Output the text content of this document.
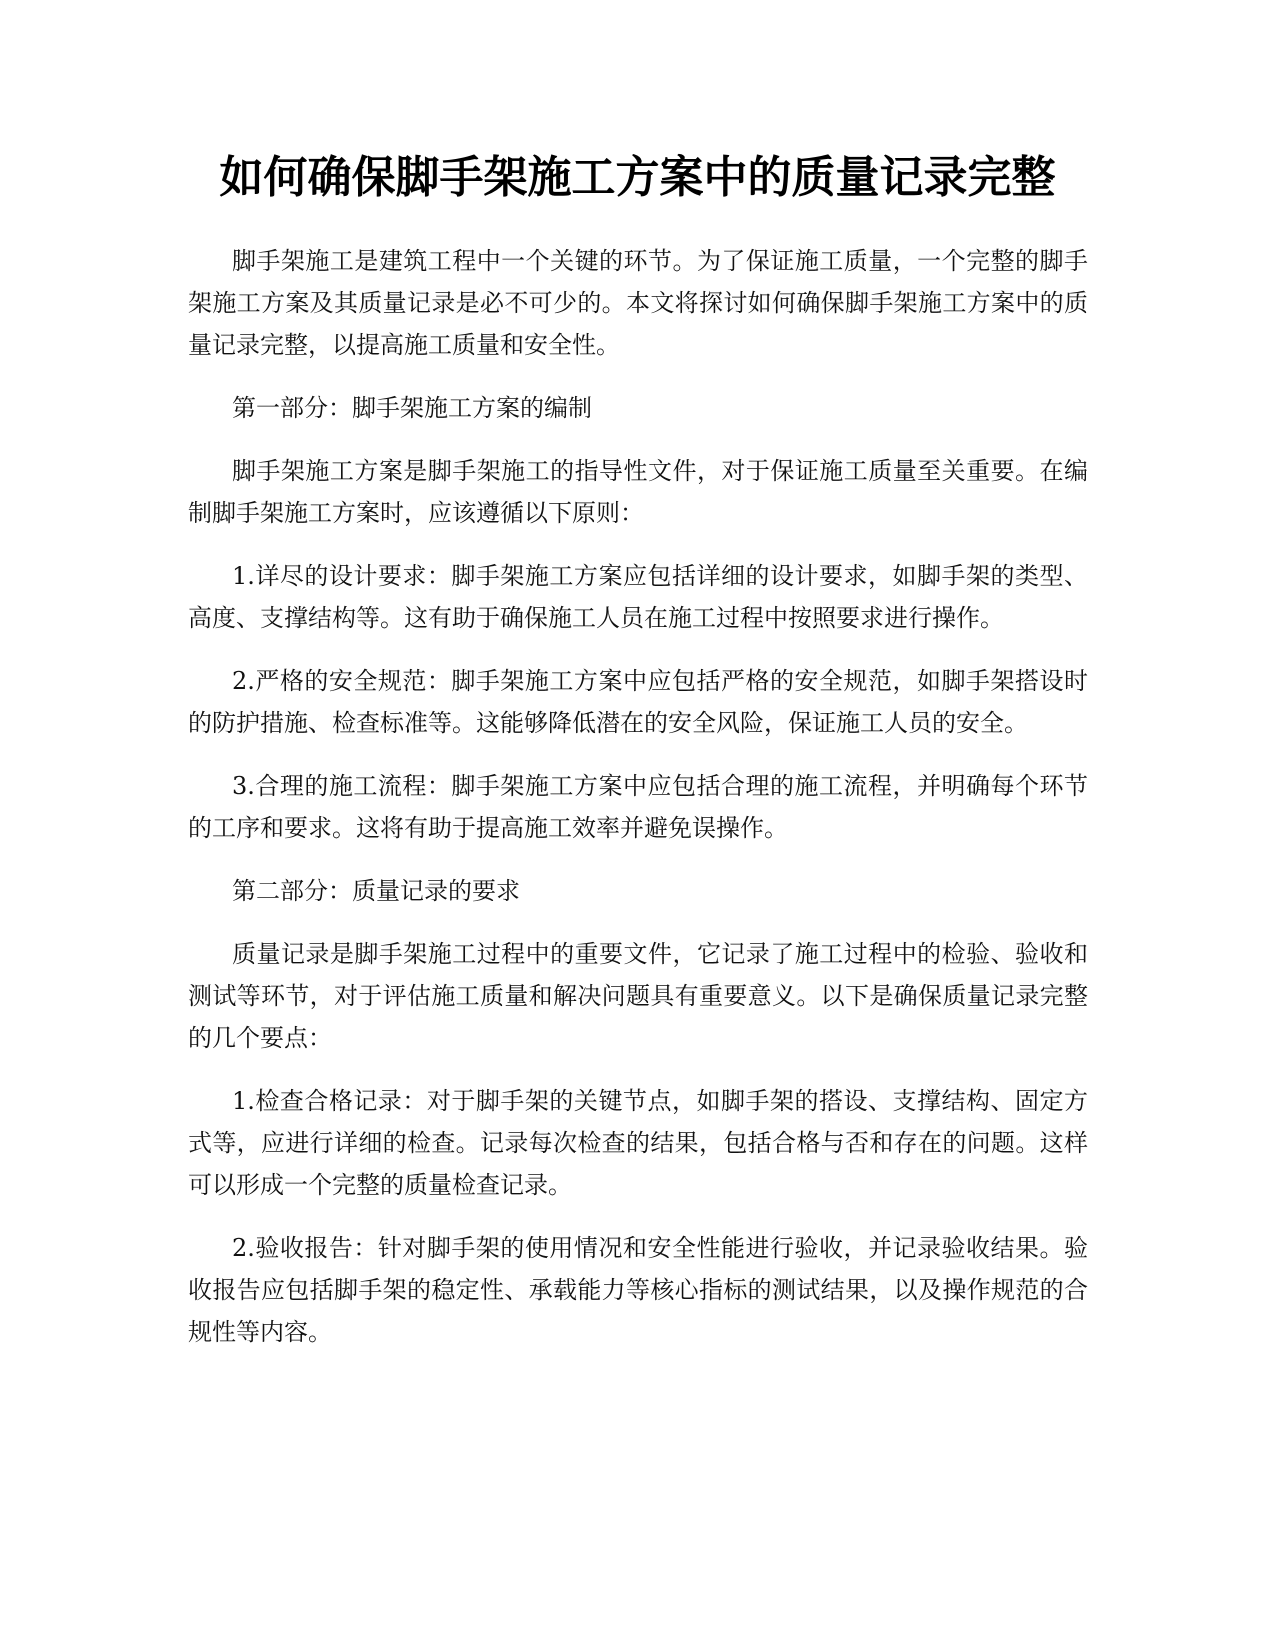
如何确保脚手架施工方案中的质量记录完整

脚手架施工是建筑工程中一个关键的环节。为了保证施工质量，一个完整的脚手架施工方案及其质量记录是必不可少的。本文将探讨如何确保脚手架施工方案中的质量记录完整，以提高施工质量和安全性。

第一部分：脚手架施工方案的编制

脚手架施工方案是脚手架施工的指导性文件，对于保证施工质量至关重要。在编制脚手架施工方案时，应该遵循以下原则：

1.详尽的设计要求：脚手架施工方案应包括详细的设计要求，如脚手架的类型、高度、支撑结构等。这有助于确保施工人员在施工过程中按照要求进行操作。

2.严格的安全规范：脚手架施工方案中应包括严格的安全规范，如脚手架搭设时的防护措施、检查标准等。这能够降低潜在的安全风险，保证施工人员的安全。

3.合理的施工流程：脚手架施工方案中应包括合理的施工流程，并明确每个环节的工序和要求。这将有助于提高施工效率并避免误操作。

第二部分：质量记录的要求

质量记录是脚手架施工过程中的重要文件，它记录了施工过程中的检验、验收和测试等环节，对于评估施工质量和解决问题具有重要意义。以下是确保质量记录完整的几个要点：

1.检查合格记录：对于脚手架的关键节点，如脚手架的搭设、支撑结构、固定方式等，应进行详细的检查。记录每次检查的结果，包括合格与否和存在的问题。这样可以形成一个完整的质量检查记录。

2.验收报告：针对脚手架的使用情况和安全性能进行验收，并记录验收结果。验收报告应包括脚手架的稳定性、承载能力等核心指标的测试结果，以及操作规范的合规性等内容。
